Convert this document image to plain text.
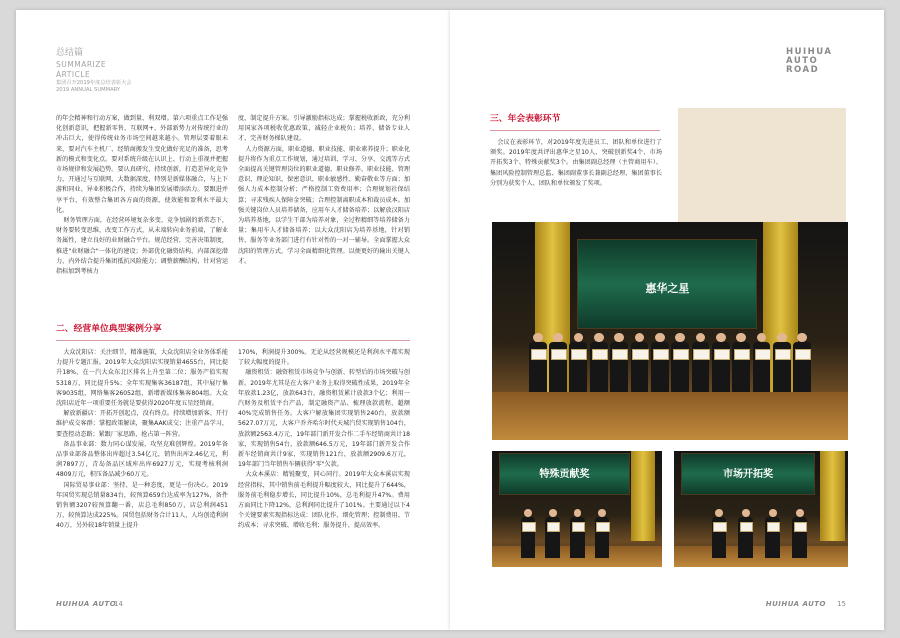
总结篇
SUMMARIZE
ARTICLE
集团召开2019年度总结表彰大会
2019 ANNUAL SUMMARY

的年会精神和行动方案，做到量、利双增。第六项重点工作是强化创新意识，把握新零售、互联网+、外部新势力对传统行业的冲击巨大，使得传统业务市场空间越来越小。管理层要着眼未来，要对汽车主机厂、经销商搬发生变化做好充足的准备，思考新的模式和变化点。要对系统升级在认识上、行动上重视并把握市场规律和发展趋势。要认真研究、持续创新，打造差异化竞争力，开通过与互联网、大数据深度，特别是新媒体融合，与上下游和同业、异业积极合作，持续为集团发展增添活力。要跟进并享平台、有效整合集团各方面的资源，使效能和盈利水平最大化。

财务管理方面，在经营环境复杂多变、竞争加剧的新常态下，财务要转变思维，改变工作方式，从未端转向业务前端，了解业务属性，建立良好的业财融合平台。规范经营，完善决策制度，推进"业财融合"一体化的建设；外部优化融资结构、内部深挖潜力，内外结合提升集团抵抗风险能力；调整薪酬结构，针对营运指标加到考核力

度，制定提升方案。引导激励指标达成；掌握税收新政，充分利用国家各项税收优惠政策，减轻企业税负；培养、储备专业人才，完善财务梯队建设。

人力资源方面，职业道德、职业技能、职业素养提升；职业化提升将作为重点工作规划，通过培训、学习、分享、交流等方式全面提高关键管理岗位的职业道德、职业修养、职业技能、管理意识、理论知识、保密意识、职业敏感性、勤奋敬业等方面；加强人力成本控制分析；严格控制工资费用率；合理规划社保结算；寻求残疾人保障金突破；合理控制离职成本和裁员成本。加强关键岗位人员培养储备，应用车人才储备培养；以解放汉阳店为培养基地，以学生干部为培养对象，全过程精细等培养储备力量；集用车人才储备培养；以大众沈阳店为培养基地，针对销售、服务等业务部门进行有针对性的一对一辅导。全面掌握大众沈阳的管理方式，学习全面精细化管理。以便更好的输出关键人才。

二、经营单位典型案例分享

大众沈阳店：关注细节，精准施策，大众沈阳店全业务体系能力提升专题汇报。2019年大众沈阳店实现销量4655台，同比提升18%，在一汽大众东北区排名上升至第二位；服务产值实现5318万，同比提升5%；全年实现集客36187组，其中展厅集客9035组，网络集客26052组，新增新媒体集客804组。大众沈阳店近年一项重要任务就是要获得2020年度五星经销商。

解放新疆店：开拓开创起点，没有终点。持续增加新客、开行维护成交客群；掌握政策解读，聚集AAK成交；注重产品学习，要查控动态路；紧跟厂家思路，抢占第一阵营。

备品事业部：数力同心谋发展，攻坚克难创辉煌。2019年备品事业部备品整体出库超过3.54亿元，销售出库2.46亿元，利润7897万，青岛备品区域库出库6927万元，实现考核利润4809万元，积压备品减少60万元。

国际贸易事业部：坚持、是一种态度，更是一份决心。2019年国贸实现总销量834台，较预算659台达成率为127%，备件销售额3207较预算翻一番，店总毛利850万，店总利润451万，较预算达成225%。国贸包括财务合计11人，人均创造利润40万，另外较18年销量上提升

170%，利润提升300%。无论从经营规模还是利润水平都实现了较大幅度的提升。

融资租赁：融资租赁市场竞争与创新、转型后的市场突破与创新。2019年尤其是在大客户业务上取得突破性成果，2019年全年放款1.23亿，放款643台，融资租赁累计放款3个亿；利用一汽财务及租赁平台产品，制定融资产品、梳理放款流程，超额40%完成销售任务。大客户解放集团实现销售240台，放款额5627.07万元，大客户乔齐哈尔时代天城汽贸实现销售104台，放款额2563.4万元，19年部门新开发合作二手车经销商共计18家，实现销售54台，放款额646.5万元，19年部门新开发合作新车经销商共计9家，实现销售121台，放款额2909.6万元，19年部门当年销售车辆获得"零"欠款。

大众本溪店：精锐聚变，同心同行。2019年大众本溪店实现经营指标，其中销售前毛利提升幅度较大，同比提升了644%，服务前毛利稳步增长，同比提升10%，总毛利提升47%。费用方面同比下降12%，总利润同比提升了101%。主要通过以下4个关键要素实现指标达成：团队化作、细化管理；控制费用、节约成本；寻求突破、增收毛利；服务提升、提高效率。

HUIHUA AUTO
14
HUIHUA AUTO
ROAD
三、年会表彰环节

会议在表彰环节，对2019年度先进员工、团队和单位进行了颁奖。2019年度共评出惠华之星10人、突破创新奖4个、市场开拓奖3个、特殊贡献奖3个。由集团副总经理（主管商用车）、集团风险控制管理总监、集团副董事长兼副总经理、集团董事长分别为获奖个人、团队和单位颁发了奖项。

惠华之星
特殊贡献奖	市场开拓奖
HUIHUA AUTO 15
